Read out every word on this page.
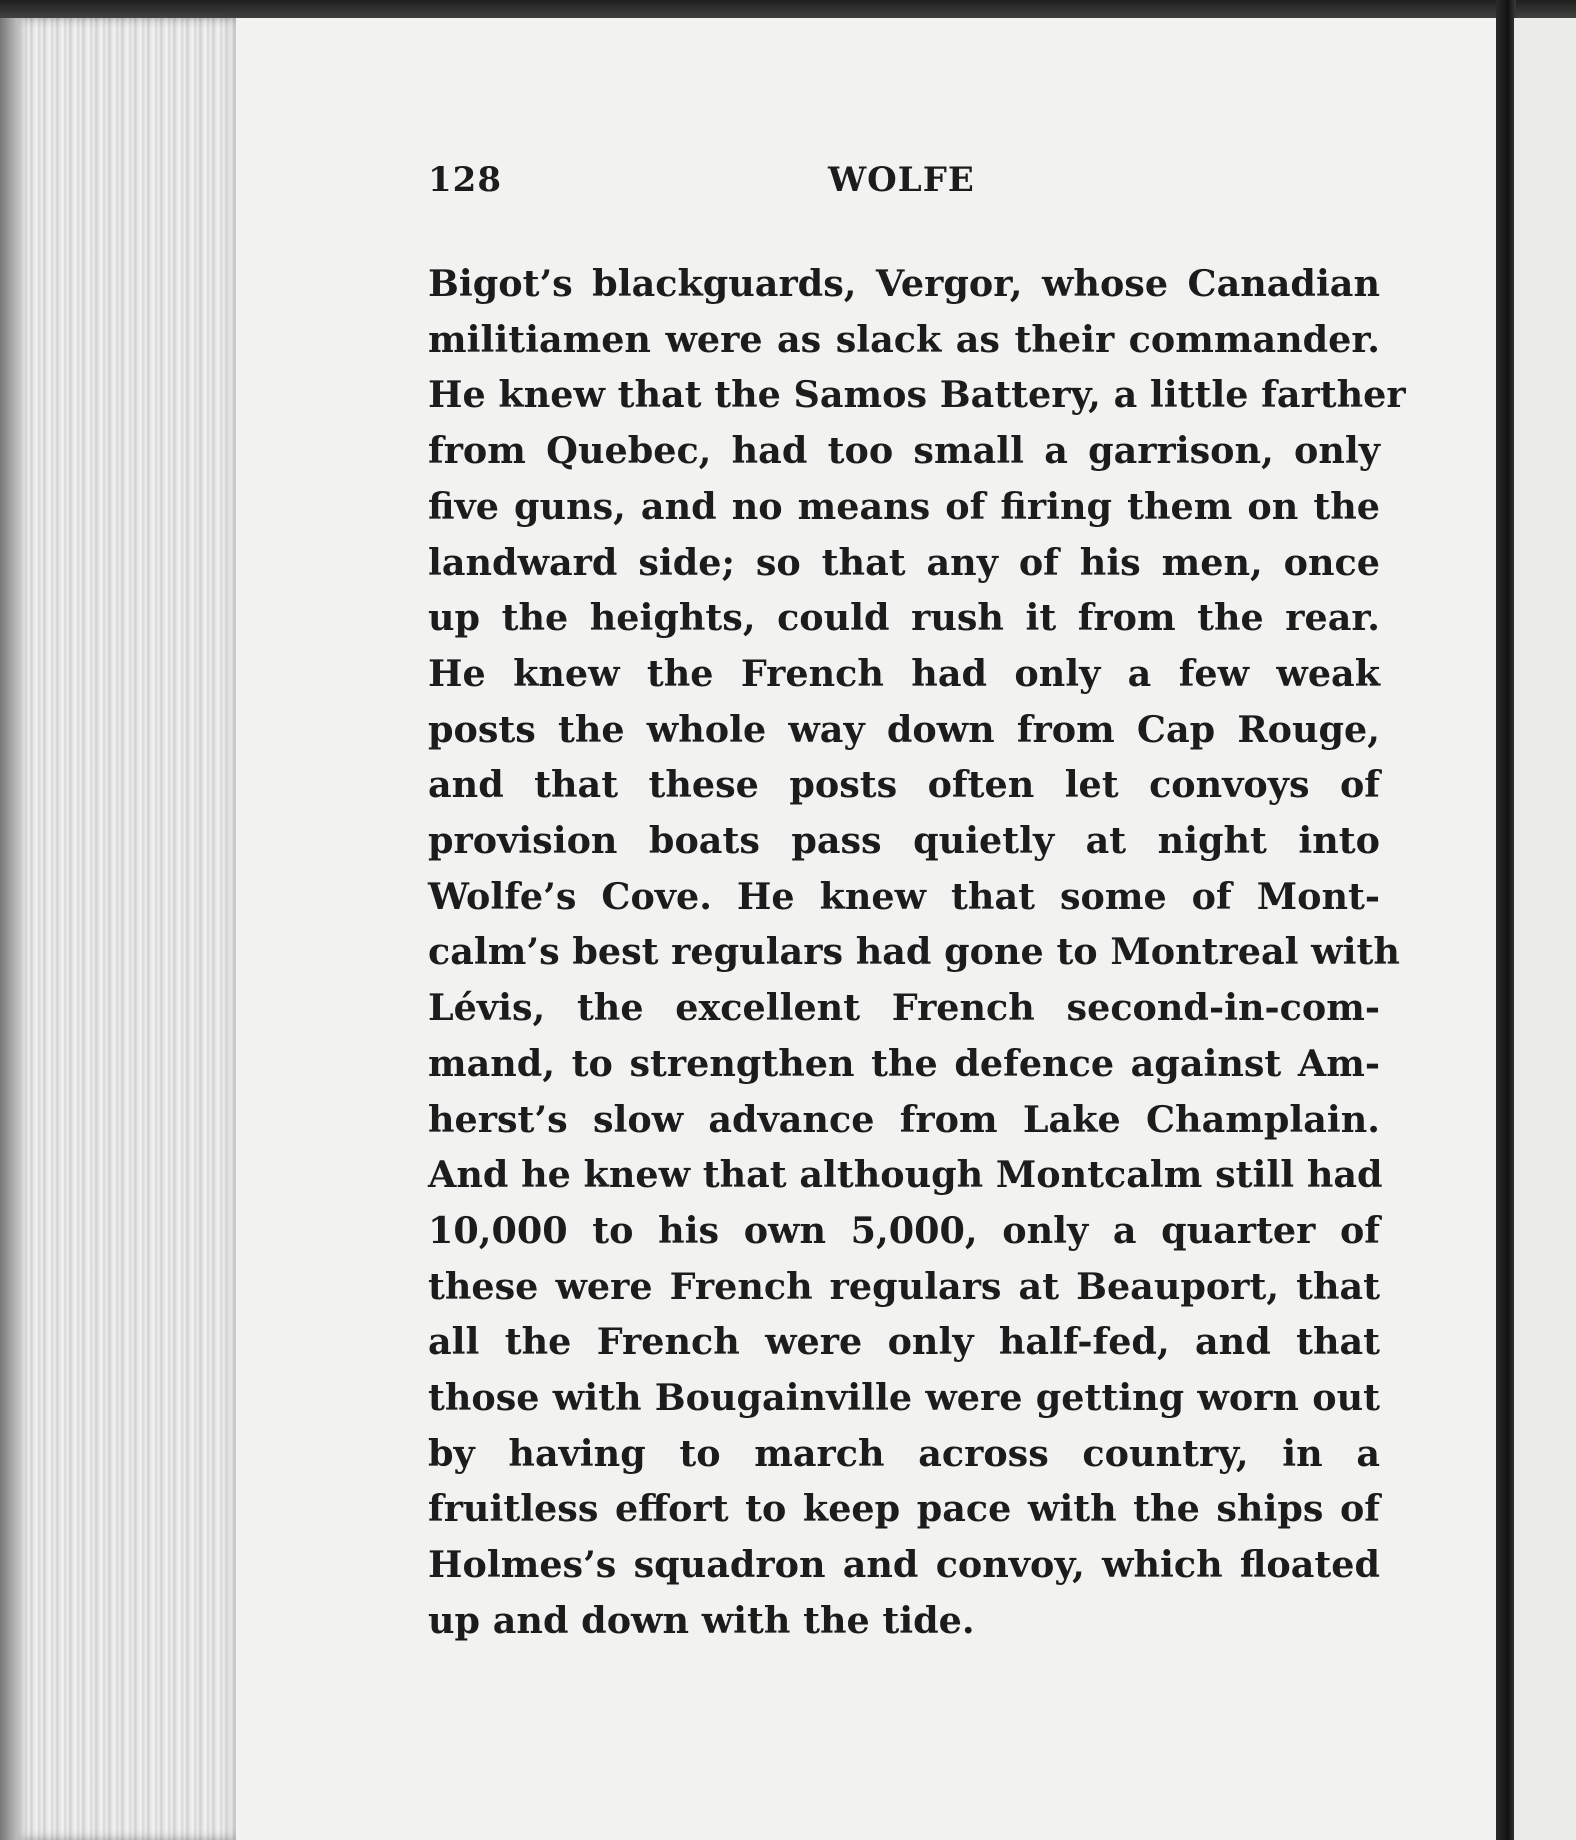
128	WOLFE
Bigot’s blackguards, Vergor, whose Canadian
militiamen were as slack as their commander.
He knew that the Samos Battery, a little farther
from Quebec, had too small a garrison, only
five guns, and no means of firing them on the
landward side; so that any of his men, once
up the heights, could rush it from the rear.
He knew the French had only a few weak
posts the whole way down from Cap Rouge,
and that these posts often let convoys of
provision boats pass quietly at night into
Wolfe’s Cove. He knew that some of Mont-
calm’s best regulars had gone to Montreal with
Lévis, the excellent French second-in-com-
mand, to strengthen the defence against Am-
herst’s slow advance from Lake Champlain.
And he knew that although Montcalm still had
10,000 to his own 5,000, only a quarter of
these were French regulars at Beauport, that
all the French were only half-fed, and that
those with Bougainville were getting worn out
by having to march across country, in a
fruitless effort to keep pace with the ships of
Holmes’s squadron and convoy, which floated
up and down with the tide.
